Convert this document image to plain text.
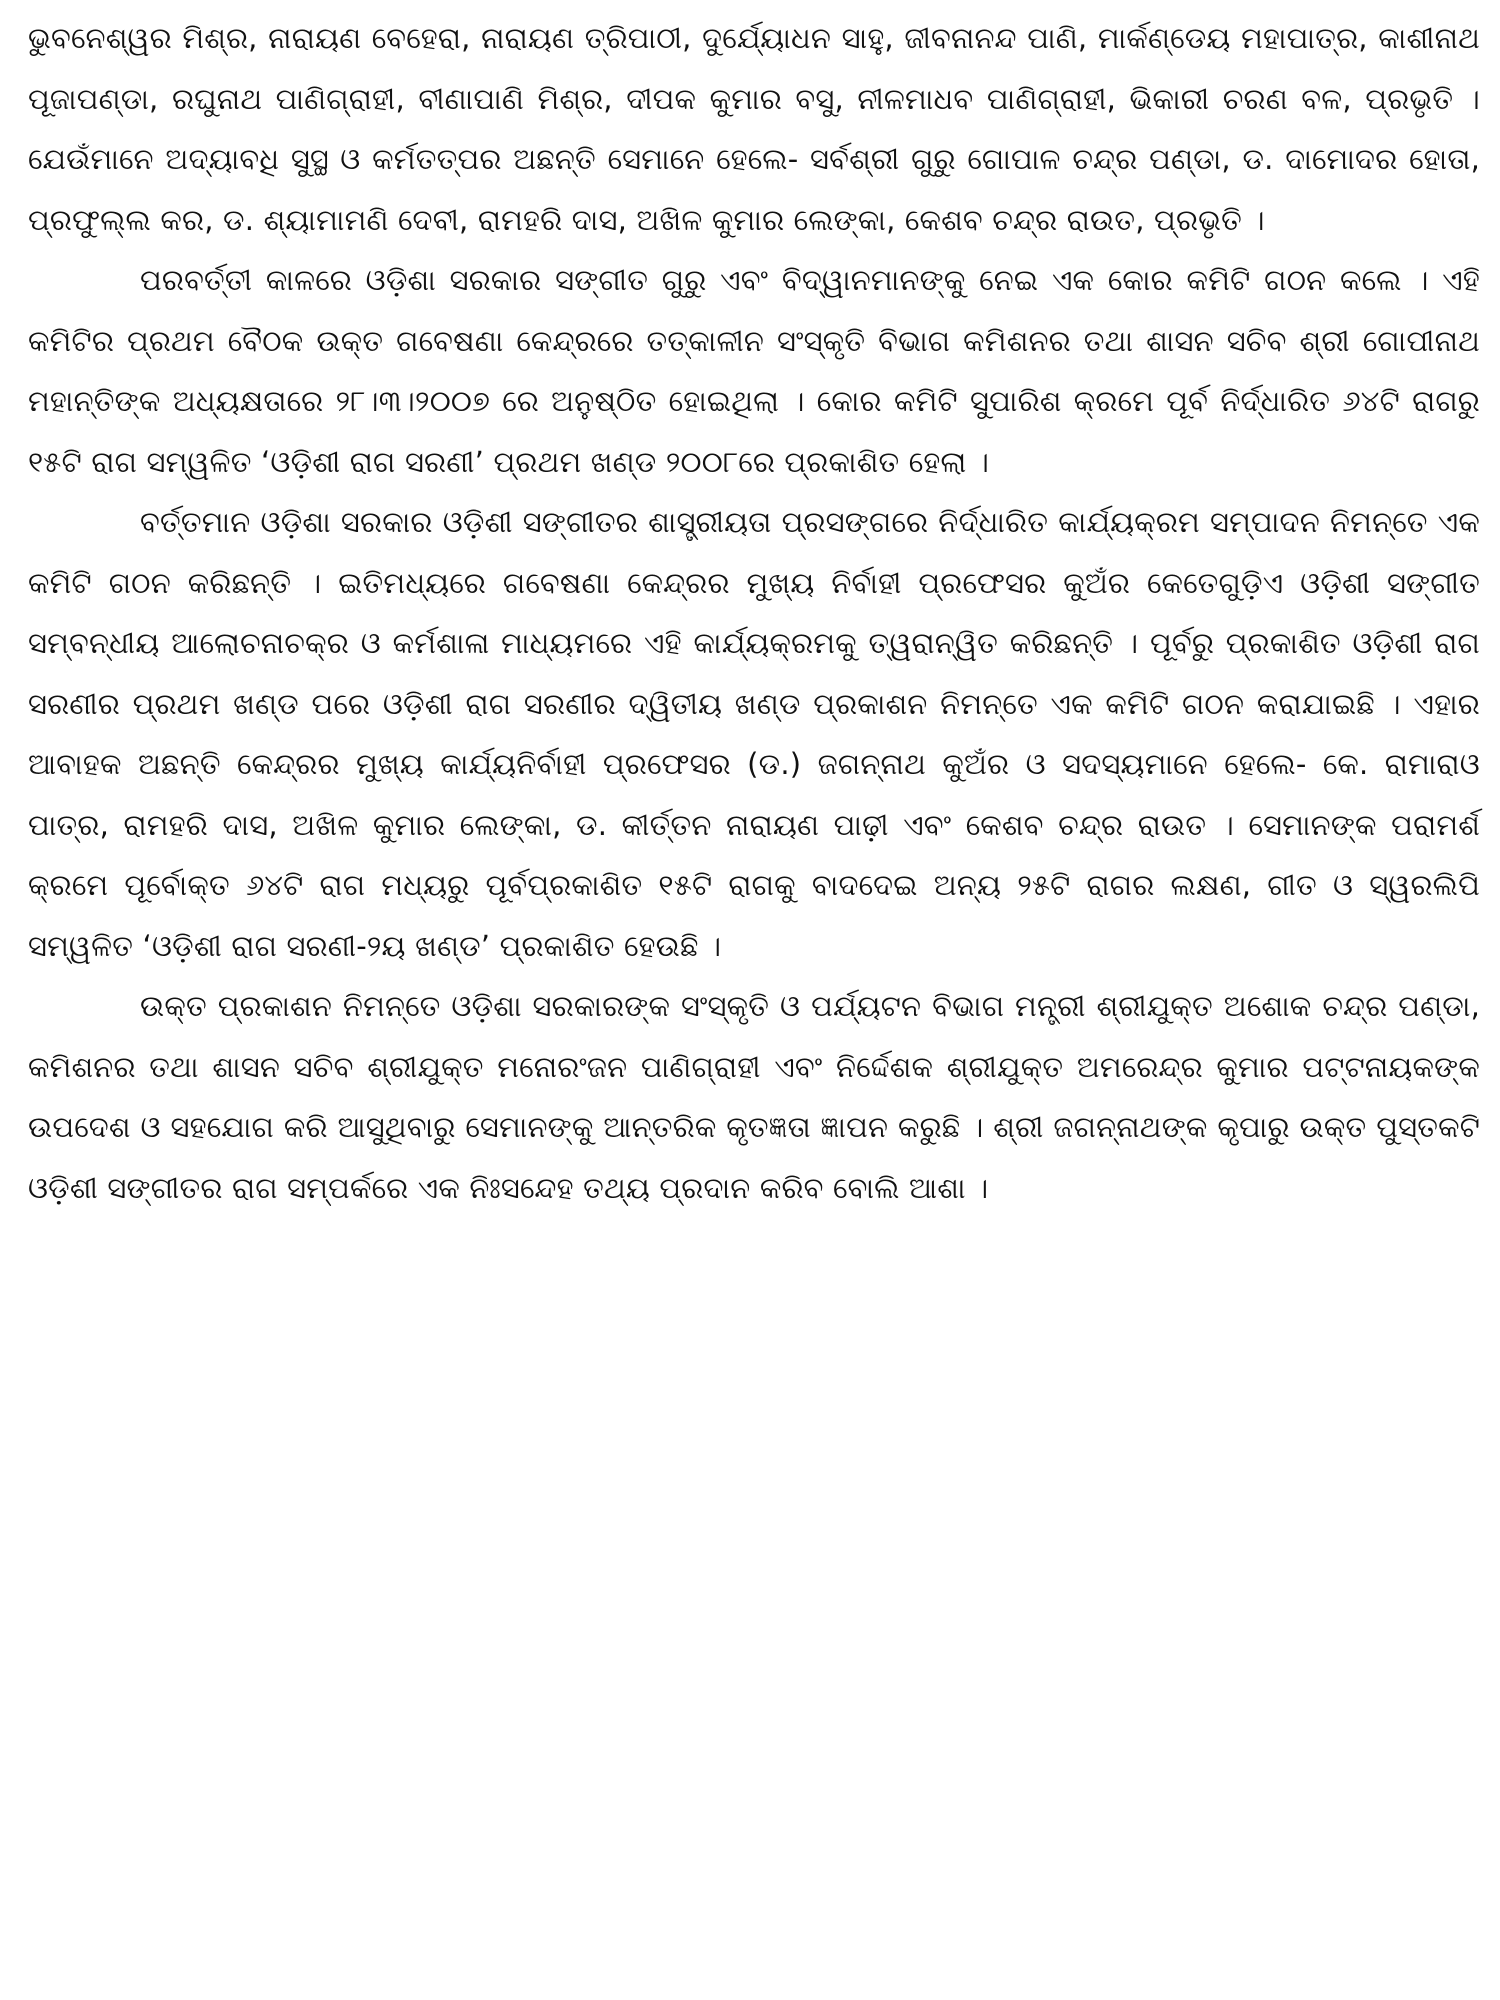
ଭୁବନେଶ୍ୱର ମିଶ୍ର, ନାରାୟଣ ବେହେରା, ନାରାୟଣ ତ୍ରିପାଠୀ, ଦୁର୍ଯ୍ୟୋଧନ ସାହୁ, ଜୀବନାନନ୍ଦ ପାଣି, ମାର୍କଣ୍ଡେୟ ମହାପାତ୍ର, କାଶୀନାଥ ପୂଜାପଣ୍ଡା, ରଘୁନାଥ ପାଣିଗ୍ରାହୀ, ବୀଣାପାଣି ମିଶ୍ର, ଦୀପକ କୁମାର ବସୁ, ନୀଳମାଧବ ପାଣିଗ୍ରାହୀ, ଭିକାରୀ ଚରଣ ବଳ, ପ୍ରଭୃତି । ଯେଉଁମାନେ ଅଦ୍ୟାବଧି ସୁସ୍ଥ ଓ କର୍ମତତ୍ପର ଅଛନ୍ତି ସେମାନେ ହେଲେ- ସର୍ବଶ୍ରୀ ଗୁରୁ ଗୋପାଳ ଚନ୍ଦ୍ର ପଣ୍ଡା, ଡ. ଦାମୋଦର ହୋତା, ପ୍ରଫୁଲ୍ଲ କର, ଡ. ଶ୍ୟାମାମଣି ଦେବୀ, ରାମହରି ଦାସ, ଅଖିଳ କୁମାର ଲେଙ୍କା, କେଶବ ଚନ୍ଦ୍ର ରାଉତ, ପ୍ରଭୃତି ।

ପରବର୍ତ୍ତୀ କାଳରେ ଓଡ଼ିଶା ସରକାର ସଙ୍ଗୀତ ଗୁରୁ ଏବଂ ବିଦ୍ୱାନମାନଙ୍କୁ ନେଇ ଏକ କୋର କମିଟି ଗଠନ କଲେ । ଏହି କମିଟିର ପ୍ରଥମ ବୈଠକ ଉକ୍ତ ଗବେଷଣା କେନ୍ଦ୍ରରେ ତତ୍‌କାଳୀନ ସଂସ୍କୃତି ବିଭାଗ କମିଶନର ତଥା ଶାସନ ସଚିବ ଶ୍ରୀ ଗୋପୀନାଥ ମହାନ୍ତିଙ୍କ ଅଧ୍ୟକ୍ଷତାରେ ୨୮।୩।୨୦୦୭ ରେ ଅନୁଷ୍ଠିତ ହୋଇଥିଲା । କୋର କମିଟି ସୁପାରିଶ କ୍ରମେ ପୂର୍ବ ନିର୍ଦ୍ଧାରିତ ୬୪ଟି ରାଗରୁ ୧୫ଟି ରାଗ ସମ୍ୱଳିତ ‘ଓଡ଼ିଶୀ ରାଗ ସରଣୀ’ ପ୍ରଥମ ଖଣ୍ଡ ୨୦୦୮ରେ ପ୍ରକାଶିତ ହେଲା ।

ବର୍ତ୍ତମାନ ଓଡ଼ିଶା ସରକାର ଓଡ଼ିଶୀ ସଙ୍ଗୀତର ଶାସ୍ତ୍ରୀୟତା ପ୍ରସଙ୍ଗରେ ନିର୍ଦ୍ଧାରିତ କାର୍ଯ୍ୟକ୍ରମ ସମ୍ପାଦନ ନିମନ୍ତେ ଏକ କମିଟି ଗଠନ କରିଛନ୍ତି । ଇତିମଧ୍ୟରେ ଗବେଷଣା କେନ୍ଦ୍ରର ମୁଖ୍ୟ ନିର୍ବାହୀ ପ୍ରଫେସର କୁଅଁର କେତେଗୁଡ଼ିଏ ଓଡ଼ିଶୀ ସଙ୍ଗୀତ ସମ୍ବନ୍ଧୀୟ ଆଲୋଚନାଚକ୍ର ଓ କର୍ମଶାଳା ମାଧ୍ୟମରେ ଏହି କାର୍ଯ୍ୟକ୍ରମକୁ ତ୍ୱରାନ୍ୱିତ କରିଛନ୍ତି । ପୂର୍ବରୁ ପ୍ରକାଶିତ ଓଡ଼ିଶୀ ରାଗ ସରଣୀର ପ୍ରଥମ ଖଣ୍ଡ ପରେ ଓଡ଼ିଶୀ ରାଗ ସରଣୀର ଦ୍ୱିତୀୟ ଖଣ୍ଡ ପ୍ରକାଶନ ନିମନ୍ତେ ଏକ କମିଟି ଗଠନ କରାଯାଇଛି । ଏହାର ଆବାହକ ଅଛନ୍ତି କେନ୍ଦ୍ରର ମୁଖ୍ୟ କାର୍ଯ୍ୟନିର୍ବାହୀ ପ୍ରଫେସର (ଡ.) ଜଗନ୍ନାଥ କୁଅଁର ଓ ସଦସ୍ୟମାନେ ହେଲେ- କେ. ରାମାରାଓ ପାତ୍ର, ରାମହରି ଦାସ, ଅଖିଳ କୁମାର ଲେଙ୍କା, ଡ. କୀର୍ତ୍ତନ ନାରାୟଣ ପାଢ଼ୀ ଏବଂ କେଶବ ଚନ୍ଦ୍ର ରାଉତ । ସେମାନଙ୍କ ପରାମର୍ଶ କ୍ରମେ ପୂର୍ବୋକ୍ତ ୬୪ଟି ରାଗ ମଧ୍ୟରୁ ପୂର୍ବପ୍ରକାଶିତ ୧୫ଟି ରାଗକୁ ବାଦଦେଇ ଅନ୍ୟ ୨୫ଟି ରାଗର ଲକ୍ଷଣ, ଗୀତ ଓ ସ୍ୱରଲିପି ସମ୍ୱଳିତ ‘ଓଡ଼ିଶୀ ରାଗ ସରଣୀ-୨ୟ ଖଣ୍ଡ’ ପ୍ରକାଶିତ ହେଉଛି ।

ଉକ୍ତ ପ୍ରକାଶନ ନିମନ୍ତେ ଓଡ଼ିଶା ସରକାରଙ୍କ ସଂସ୍କୃତି ଓ ପର୍ଯ୍ୟଟନ ବିଭାଗ ମନ୍ତ୍ରୀ ଶ୍ରୀଯୁକ୍ତ ଅଶୋକ ଚନ୍ଦ୍ର ପଣ୍ଡା, କମିଶନର ତଥା ଶାସନ ସଚିବ ଶ୍ରୀଯୁକ୍ତ ମନୋରଂଜନ ପାଣିଗ୍ରାହୀ ଏବଂ ନିର୍ଦ୍ଦେଶକ ଶ୍ରୀଯୁକ୍ତ ଅମରେନ୍ଦ୍ର କୁମାର ପଟ୍ଟନାୟକଙ୍କ ଉପଦେଶ ଓ ସହଯୋଗ କରି ଆସୁଥିବାରୁ ସେମାନଙ୍କୁ ଆନ୍ତରିକ କୃତଜ୍ଞତା ଜ୍ଞାପନ କରୁଛି । ଶ୍ରୀ ଜଗନ୍ନାଥଙ୍କ କୃପାରୁ ଉକ୍ତ ପୁସ୍ତକଟି ଓଡ଼ିଶୀ ସଙ୍ଗୀତର ରାଗ ସମ୍ପର୍କରେ ଏକ ନିଃସନ୍ଦେହ ତଥ୍ୟ ପ୍ରଦାନ କରିବ ବୋଲି ଆଶା ।
